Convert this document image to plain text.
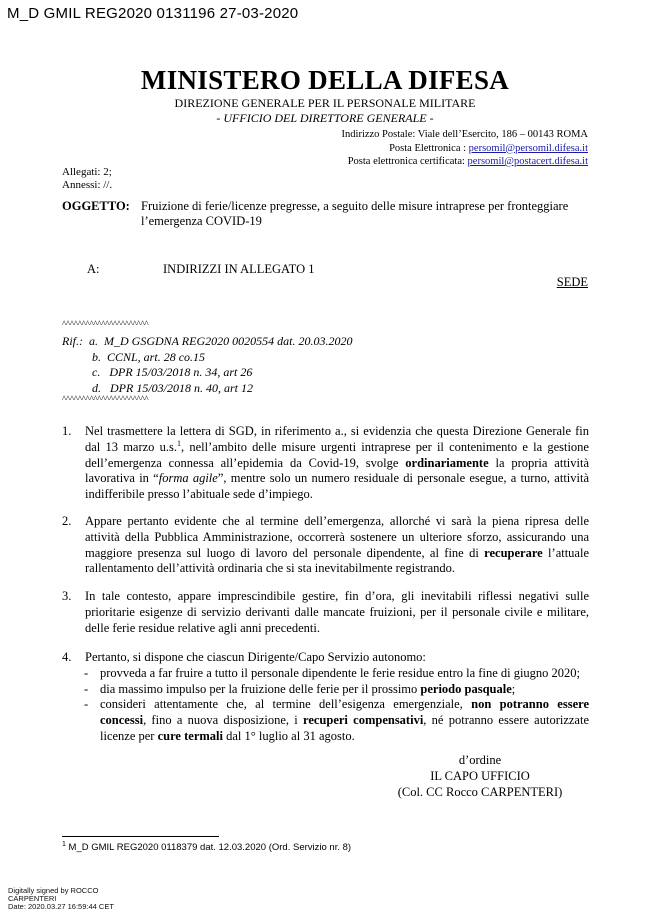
M_D GMIL REG2020 0131196 27-03-2020
MINISTERO DELLA DIFESA
DIREZIONE GENERALE PER IL PERSONALE MILITARE
- UFFICIO DEL DIRETTORE GENERALE -
Indirizzo Postale: Viale dell’Esercito, 186 – 00143 ROMA
Posta Elettronica : persomil@persomil.difesa.it
Posta elettronica certificata: persomil@postacert.difesa.it
Allegati: 2;
Annessi: //.
OGGETTO: Fruizione di ferie/licenze pregresse, a seguito delle misure intraprese per fronteggiare
l’emergenza COVID-19
A:	INDIRIZZI IN ALLEGATO 1
SEDE
^^^^^^^^^^^^^^^^^^^^^^
Rif.: a. M_D GSGDNA REG2020 0020554 dat. 20.03.2020
b. CCNL, art. 28 co.15
c. DPR 15/03/2018 n. 34, art 26
d. DPR 15/03/2018 n. 40, art 12
^^^^^^^^^^^^^^^^^^^^^^
1. Nel trasmettere la lettera di SGD, in riferimento a., si evidenzia che questa Direzione Generale fin dal 13 marzo u.s.$^1$, nell’ambito delle misure urgenti intraprese per il contenimento e la gestione dell’emergenza connessa all’epidemia da Covid-19, svolge ordinariamente la propria attività lavorativa in “forma agile”, mentre solo un numero residuale di personale esegue, a turno, attività indifferibile presso l’abituale sede d’impiego.
2. Appare pertanto evidente che al termine dell’emergenza, allorché vi sarà la piena ripresa delle attività della Pubblica Amministrazione, occorrerà sostenere un ulteriore sforzo, assicurando una maggiore presenza sul luogo di lavoro del personale dipendente, al fine di recuperare l’attuale rallentamento dell’attività ordinaria che si sta inevitabilmente registrando.
3. In tale contesto, appare imprescindibile gestire, fin d’ora, gli inevitabili riflessi negativi sulle prioritarie esigenze di servizio derivanti dalle mancate fruizioni, per il personale civile e militare, delle ferie residue relative agli anni precedenti.
4. Pertanto, si dispone che ciascun Dirigente/Capo Servizio autonomo:
- provveda a far fruire a tutto il personale dipendente le ferie residue entro la fine di giugno 2020;
- dia massimo impulso per la fruizione delle ferie per il prossimo periodo pasquale;
- consideri attentamente che, al termine dell’esigenza emergenziale, non potranno essere concessi, fino a nuova disposizione, i recuperi compensativi, né potranno essere autorizzate licenze per cure termali dal 1° luglio al 31 agosto.
d’ordine
IL CAPO UFFICIO
(Col. CC Rocco CARPENTERI)
$^1$ M_D GMIL REG2020 0118379 dat. 12.03.2020 (Ord. Servizio nr. 8)
Digitally signed by ROCCO
CARPENTERI
Date: 2020.03.27 16:59:44 CET
